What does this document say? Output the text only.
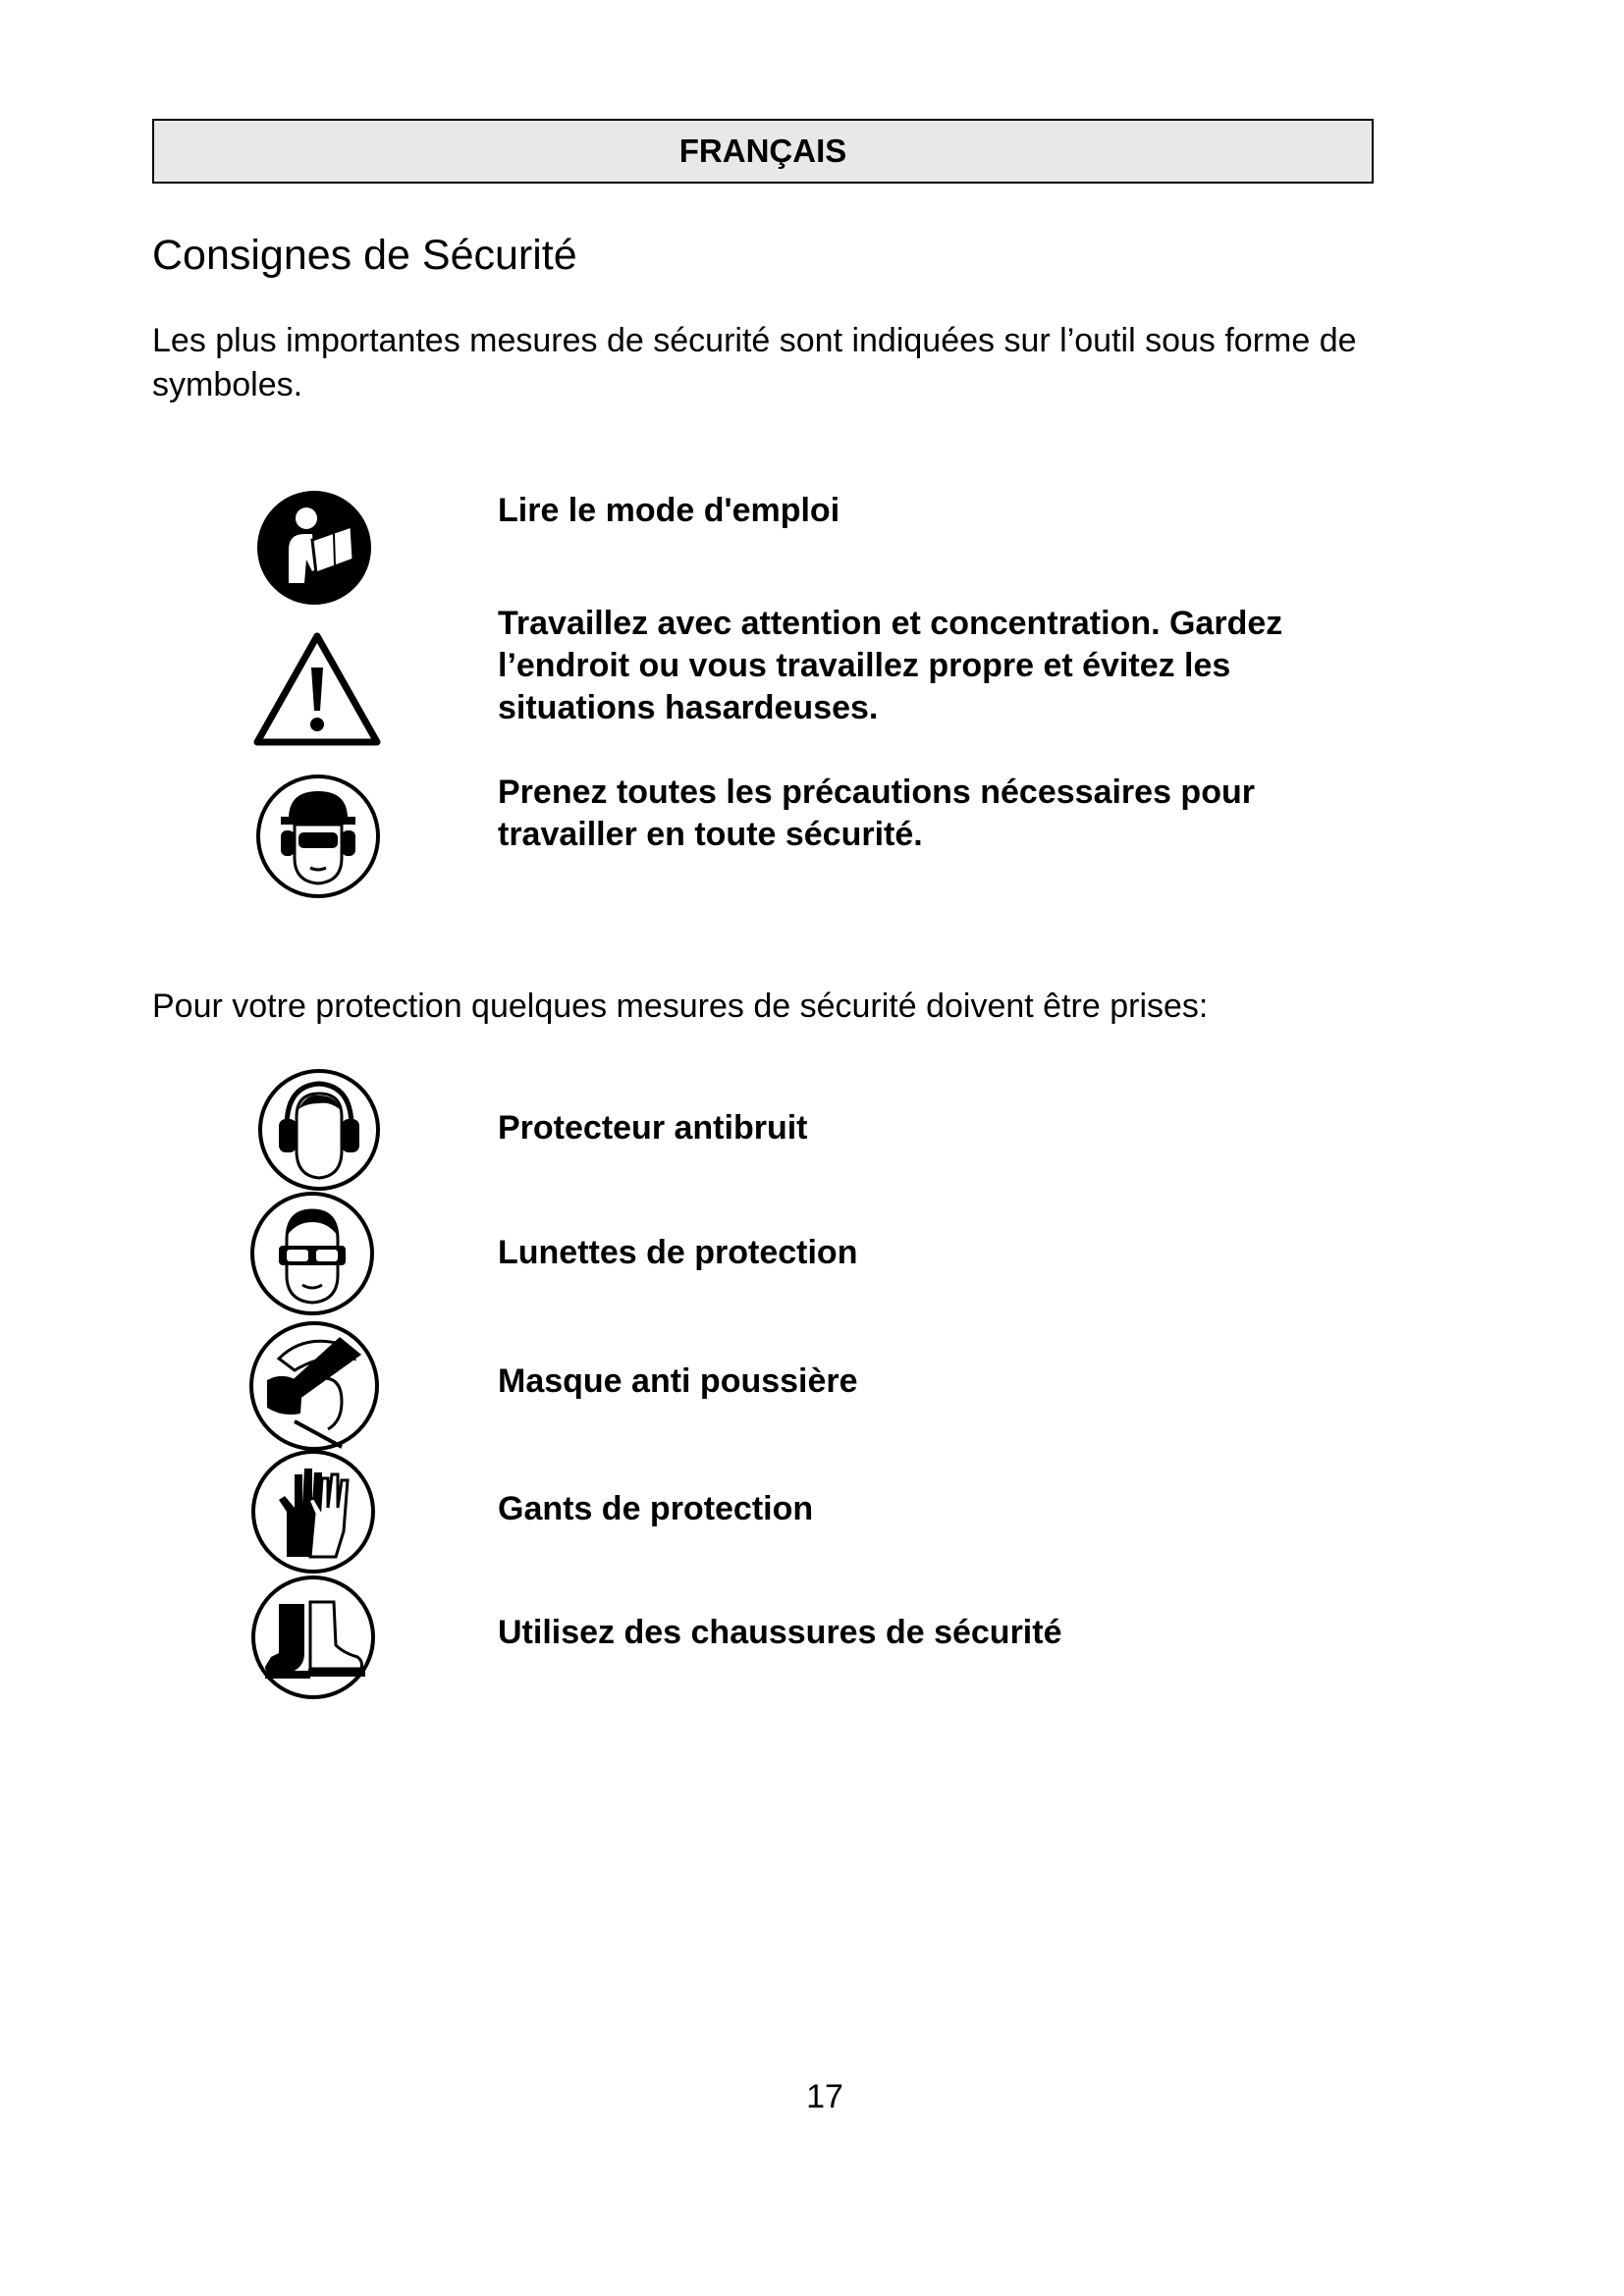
FRANÇAIS
Consignes de Sécurité
Les plus importantes mesures de sécurité sont indiquées sur l’outil sous forme de symboles.
Lire le mode d'emploi
Travaillez avec attention et concentration. Gardez l’endroit ou vous travaillez propre et évitez les situations hasardeuses.
Prenez toutes les précautions nécessaires pour travailler en toute sécurité.
Pour votre protection quelques mesures de sécurité doivent être prises:
Protecteur antibruit
Lunettes de protection
Masque anti poussière
Gants de protection
Utilisez des chaussures de sécurité
17
